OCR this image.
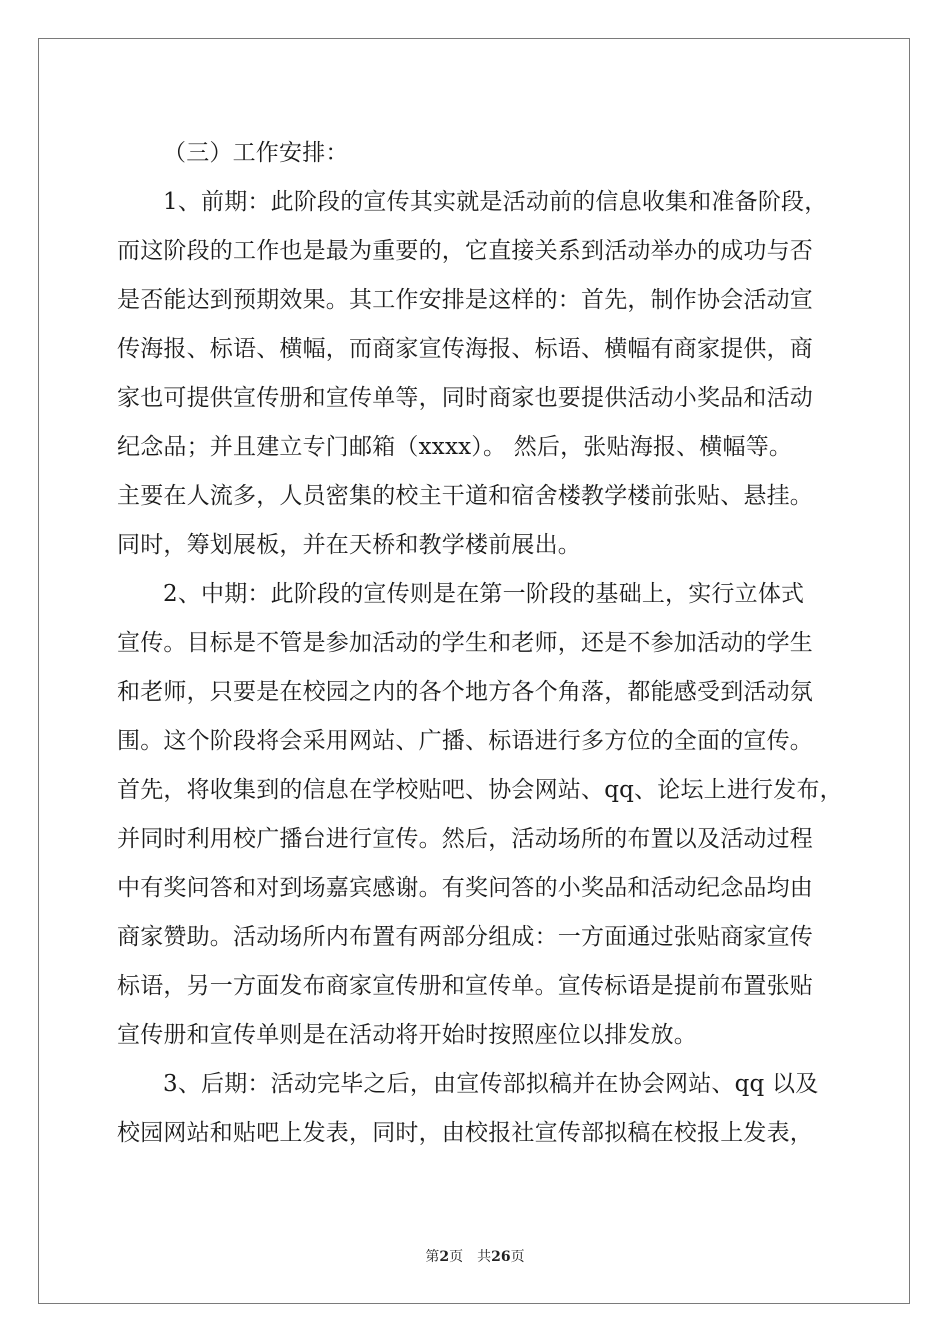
（三）工作安排：
1、前期：此阶段的宣传其实就是活动前的信息收集和准备阶段，
而这阶段的工作也是最为重要的，它直接关系到活动举办的成功与否
是否能达到预期效果。其工作安排是这样的：首先，制作协会活动宣
传海报、标语、横幅，而商家宣传海报、标语、横幅有商家提供，商
家也可提供宣传册和宣传单等，同时商家也要提供活动小奖品和活动
纪念品；并且建立专门邮箱（xxxx）。 然后，张贴海报、横幅等。
主要在人流多，人员密集的校主干道和宿舍楼教学楼前张贴、悬挂。
同时，筹划展板，并在天桥和教学楼前展出。
2、中期：此阶段的宣传则是在第一阶段的基础上，实行立体式
宣传。目标是不管是参加活动的学生和老师，还是不参加活动的学生
和老师，只要是在校园之内的各个地方各个角落，都能感受到活动氛
围。这个阶段将会采用网站、广播、标语进行多方位的全面的宣传。
首先，将收集到的信息在学校贴吧、协会网站、qq、论坛上进行发布，
并同时利用校广播台进行宣传。然后，活动场所的布置以及活动过程
中有奖问答和对到场嘉宾感谢。有奖问答的小奖品和活动纪念品均由
商家赞助。活动场所内布置有两部分组成：一方面通过张贴商家宣传
标语，另一方面发布商家宣传册和宣传单。宣传标语是提前布置张贴
宣传册和宣传单则是在活动将开始时按照座位以排发放。
3、后期：活动完毕之后，由宣传部拟稿并在协会网站、qq 以及
校园网站和贴吧上发表，同时，由校报社宣传部拟稿在校报上发表，
第2页　共26页
